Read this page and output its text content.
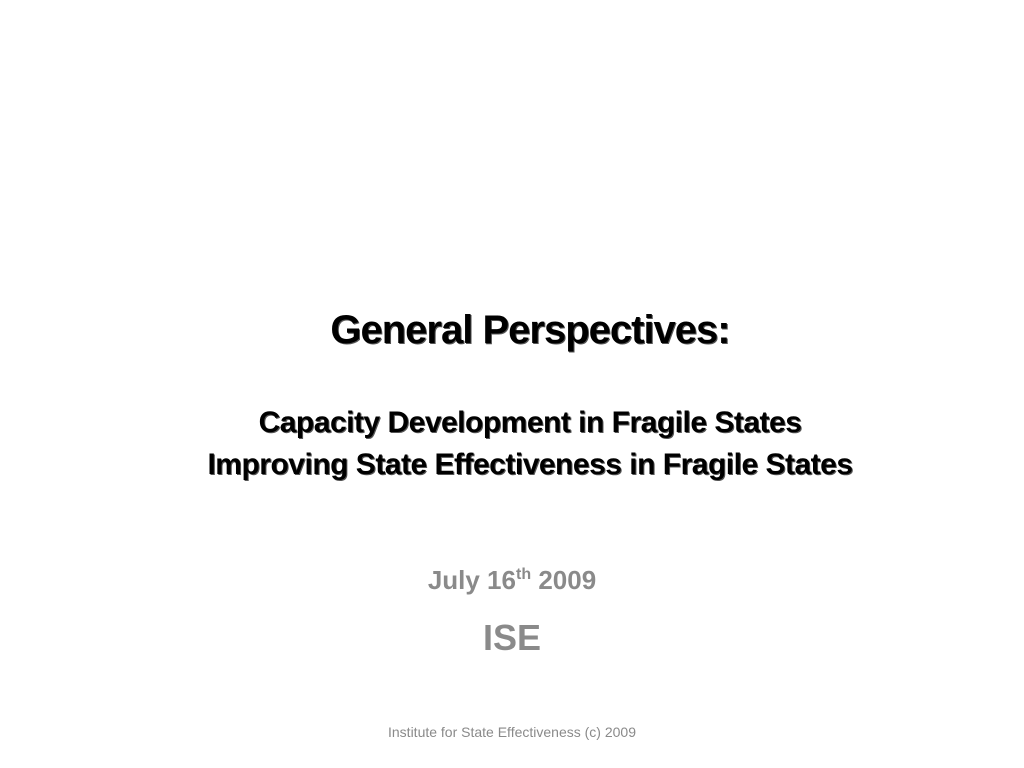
General Perspectives:
Capacity Development in Fragile States
Improving State Effectiveness in Fragile States
July 16th 2009
ISE
Institute for State Effectiveness (c) 2009
